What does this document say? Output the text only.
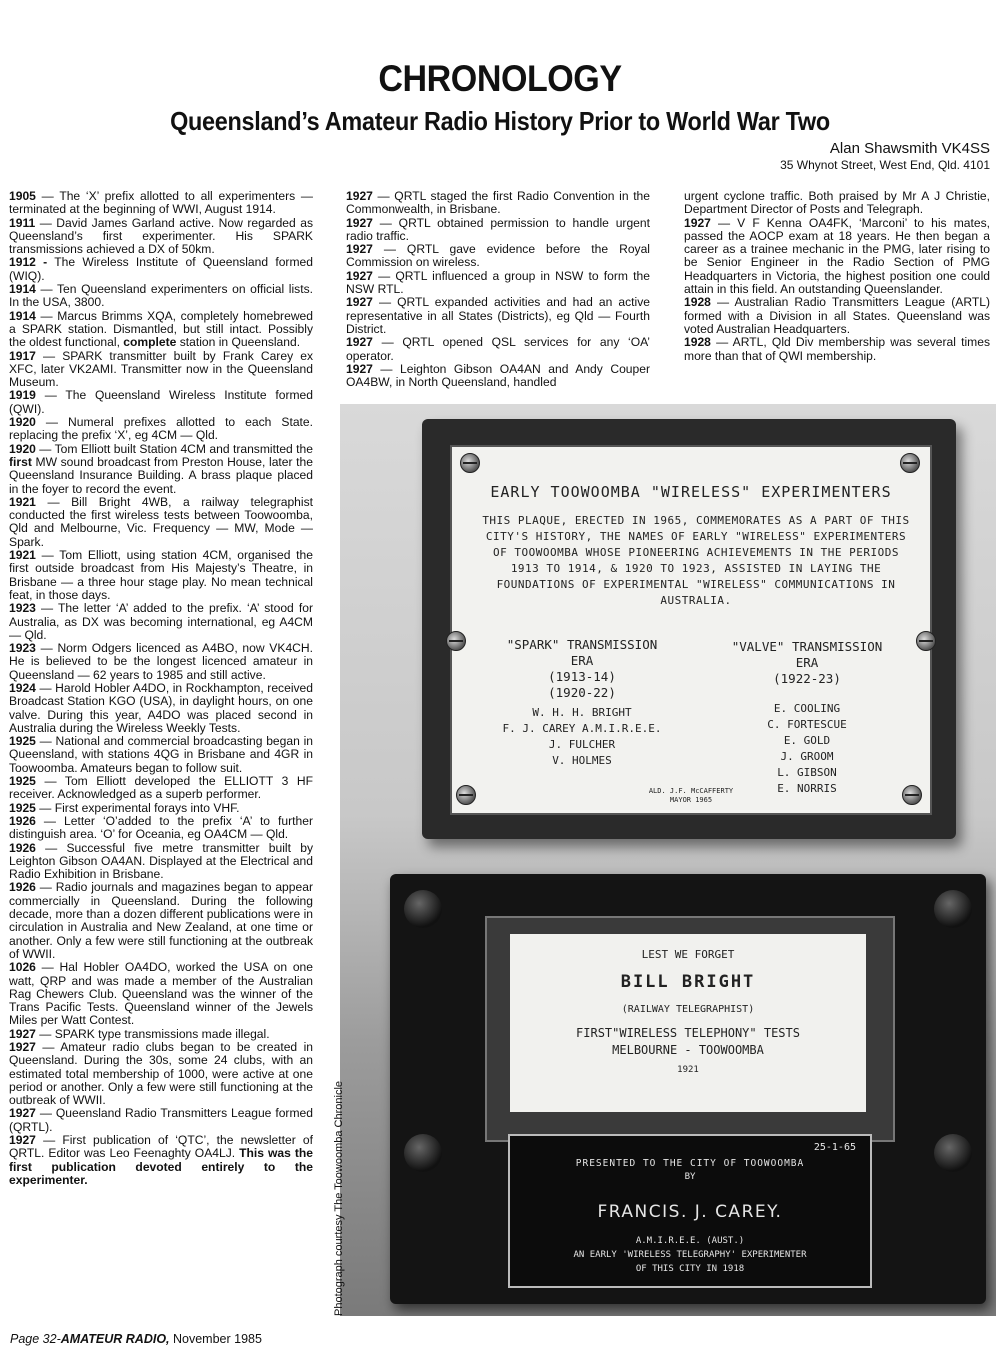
CHRONOLOGY
Queensland’s Amateur Radio History Prior to World War Two
Alan Shawsmith VK4SS
35 Whynot Street, West End, Qld. 4101

1905 — The ‘X’ prefix allotted to all experimenters — terminated at the beginning of WWI, August 1914.

1911 — David James Garland active. Now regarded as Queensland’s first experimenter. His SPARK transmissions achieved a DX of 50km.

1912 - The Wireless Institute of Queensland formed (WIQ).

1914 — Ten Queensland experimenters on official lists. In the USA, 3800.

1914 — Marcus Brimms XQA, completely homebrewed a SPARK station. Dismantled, but still intact. Possibly the oldest functional, complete station in Queensland.

1917 — SPARK transmitter built by Frank Carey ex XFC, later VK2AMI. Transmitter now in the Queensland Museum.

1919 — The Queensland Wireless Institute formed (QWI).

1920 — Numeral prefixes allotted to each State. replacing the prefix ‘X’, eg 4CM — Qld.

1920 — Tom Elliott built Station 4CM and transmitted the first MW sound broadcast from Preston House, later the Queensland Insurance Building. A brass plaque placed in the foyer to record the event.

1921 — Bill Bright 4WB, a railway telegraphist conducted the first wireless tests between Toowoomba, Qld and Melbourne, Vic. Frequency — MW, Mode — Spark.

1921 — Tom Elliott, using station 4CM, organised the first outside broadcast from His Majesty’s Theatre, in Brisbane — a three hour stage play. No mean technical feat, in those days.

1923 — The letter ‘A’ added to the prefix. ‘A’ stood for Australia, as DX was becoming international, eg A4CM — Qld.

1923 — Norm Odgers licenced as A4BO, now VK4CH. He is believed to be the longest licenced amateur in Queensland — 62 years to 1985 and still active.

1924 — Harold Hobler A4DO, in Rockhampton, received Broadcast Station KGO (USA), in daylight hours, on one valve. During this year, A4DO was placed second in Australia during the Wireless Weekly Tests.

1925 — National and commercial broadcasting began in Queensland, with stations 4QG in Brisbane and 4GR in Toowoomba. Amateurs began to follow suit.

1925 — Tom Elliott developed the ELLIOTT 3 HF receiver. Acknowledged as a superb performer.

1925 — First experimental forays into VHF.

1926 — Letter ‘O’added to the prefix ‘A’ to further distinguish area. ‘O’ for Oceania, eg OA4CM — Qld.

1926 — Successful five metre transmitter built by Leighton Gibson OA4AN. Displayed at the Electrical and Radio Exhibition in Brisbane.

1926 — Radio journals and magazines began to appear commercially in Queensland. During the following decade, more than a dozen different publications were in circulation in Australia and New Zealand, at one time or another. Only a few were still functioning at the outbreak of WWII.

1026 — Hal Hobler OA4DO, worked the USA on one watt, QRP and was made a member of the Australian Rag Chewers Club. Queensland was the winner of the Trans Pacific Tests. Queensland winner of the Jewels Miles per Watt Contest.

1927 — SPARK type transmissions made illegal.

1927 — Amateur radio clubs began to be created in Queensland. During the 30s, some 24 clubs, with an estimated total membership of 1000, were active at one period or another. Only a few were still functioning at the outbreak of WWII.

1927 — Queensland Radio Transmitters League formed (QRTL).

1927 — First publication of ‘QTC’, the newsletter of QRTL. Editor was Leo Feenaghty OA4LJ. This was the first publication devoted entirely to the experimenter.

1927 — QRTL staged the first Radio Convention in the Commonwealth, in Brisbane.

1927 — QRTL obtained permission to handle urgent radio traffic.

1927 — QRTL gave evidence before the Royal Commission on wireless.

1927 — QRTL influenced a group in NSW to form the NSW RTL.

1927 — QRTL expanded activities and had an active representative in all States (Districts), eg Qld — Fourth District.

1927 — QRTL opened QSL services for any ‘OA’ operator.

1927 — Leighton Gibson OA4AN and Andy Couper OA4BW, in North Queensland, handled

urgent cyclone traffic. Both praised by Mr A J Christie, Department Director of Posts and Telegraph.

1927 — V F Kenna OA4FK, ‘Marconi’ to his mates, passed the AOCP exam at 18 years. He then began a career as a trainee mechanic in the PMG, later rising to be Senior Engineer in the Radio Section of PMG Headquarters in Victoria, the highest position one could attain in this field. An outstanding Queenslander.

1928 — Australian Radio Transmitters League (ARTL) formed with a Division in all States. Queensland was voted Australian Headquarters.

1928 — ARTL, Qld Div membership was several times more than that of QWI membership.

EARLY TOOWOOMBA "WIRELESS" EXPERIMENTERS
THIS PLAQUE, ERECTED IN 1965, COMMEMORATES AS A PART OF THIS CITY'S HISTORY, THE NAMES OF EARLY "WIRELESS" EXPERIMENTERS OF TOOWOOMBA WHOSE PIONEERING ACHIEVEMENTS IN THE PERIODS 1913 TO 1914, & 1920 TO 1923, ASSISTED IN LAYING THE FOUNDATIONS OF EXPERIMENTAL "WIRELESS" COMMUNICATIONS IN AUSTRALIA.
"SPARK" TRANSMISSION
ERA
(1913-14)
(1920-22)
W. H. H. BRIGHT
F. J. CAREY A.M.I.R.E.E.
J. FULCHER
V. HOLMES
"VALVE" TRANSMISSION
ERA
(1922-23)
E. COOLING
C. FORTESCUE
E. GOLD
J. GROOM
L. GIBSON
E. NORRIS
ALD. J.F. McCAFFERTY
MAYOR 1965
LEST WE FORGET
BILL BRIGHT
(RAILWAY TELEGRAPHIST)
FIRST"WIRELESS TELEPHONY" TESTS
MELBOURNE - TOOWOOMBA
1921
25-1-65
PRESENTED TO THE CITY OF TOOWOOMBA
BY
FRANCIS. J. CAREY.
A.M.I.R.E.E. (AUST.)
AN EARLY 'WIRELESS TELEGRAPHY' EXPERIMENTER
OF THIS CITY IN 1918
Photograph courtesy The Toowoomba Chronicle
Page 32-AMATEUR RADIO, November 1985
